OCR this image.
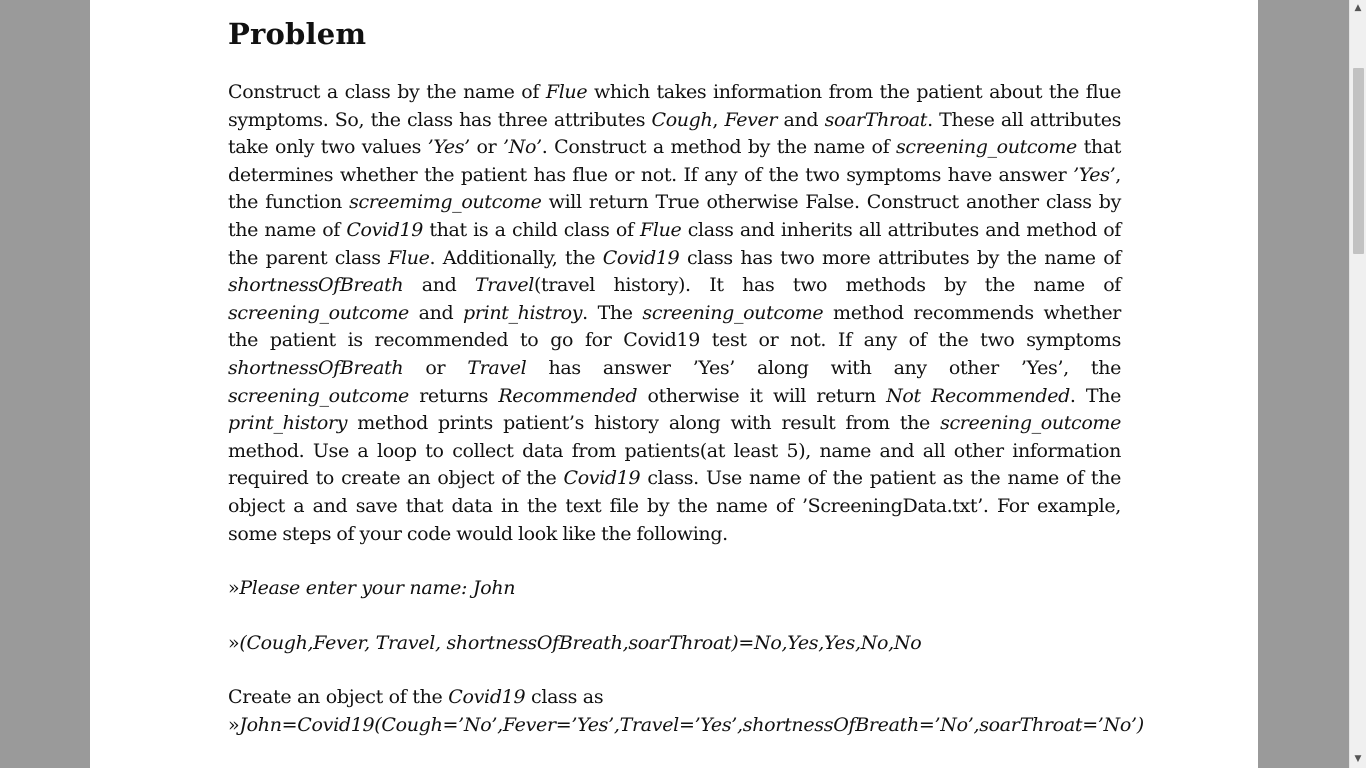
Problem

Construct a class by the name of Flue which takes information from the patient about the flue symptoms. So, the class has three attributes Cough, Fever and soarThroat. These all attributes take only two values ’Yes’ or ’No’. Construct a method by the name of screening_outcome that determines whether the patient has flue or not. If any of the two symptoms have answer ’Yes’, the function screemimg_outcome will return True otherwise False. Construct another class by the name of Covid19 that is a child class of Flue class and inherits all attributes and method of the parent class Flue. Additionally, the Covid19 class has two more attributes by the name of shortnessOfBreath and Travel(travel history). It has two methods by the name of screening_outcome and print_histroy. The screening_outcome method recommends whether the patient is recommended to go for Covid19 test or not. If any of the two symptoms shortnessOfBreath or Travel has answer ’Yes’ along with any other ’Yes’, the screening_outcome returns Recommended otherwise it will return Not Recommended. The print_history method prints patient’s history along with result from the screening_outcome method. Use a loop to collect data from patients(at least 5), name and all other information required to create an object of the Covid19 class. Use name of the patient as the name of the object a and save that data in the text file by the name of ’ScreeningData.txt’. For example, some steps of your code would look like the following.

»Please enter your name: John

»(Cough,Fever, Travel, shortnessOfBreath,soarThroat)=No,Yes,Yes,No,No

Create an object of the Covid19 class as
»John=Covid19(Cough=’No’,Fever=’Yes’,Travel=’Yes’,shortnessOfBreath=’No’,soarThroat=’No’)
▲
▼
